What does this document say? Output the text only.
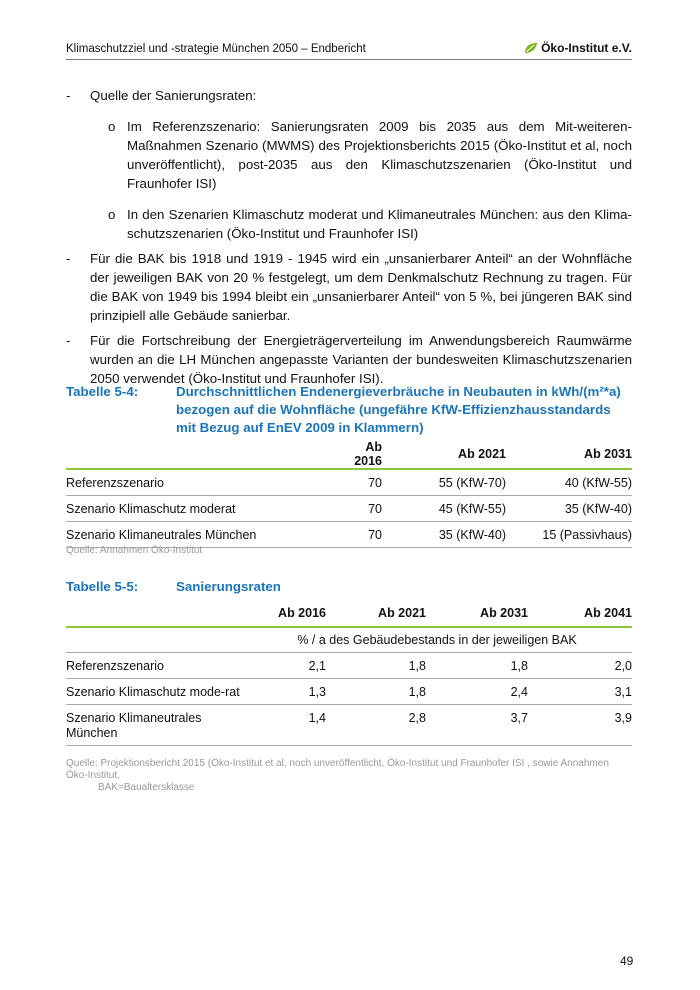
Klimaschutzziel und -strategie München 2050 – Endbericht	Öko-Institut e.V.
-	Quelle der Sanierungsraten:
o Im Referenzszenario: Sanierungsraten 2009 bis 2035 aus dem Mit-weiteren-Maßnahmen Szenario (MWMS) des Projektionsberichts 2015 (Öko-Institut et al, noch unveröffentlicht), post-2035 aus den Klimaschutzszenarien (Öko-Institut und Fraunhofer ISI)
o In den Szenarien Klimaschutz moderat und Klimaneutrales München: aus den Klima-schutzszenarien (Öko-Institut und Fraunhofer ISI)
-	Für die BAK bis 1918 und 1919 - 1945 wird ein „unsanierbarer Anteil“ an der Wohnfläche der jeweiligen BAK von 20 % festgelegt, um dem Denkmalschutz Rechnung zu tragen. Für die BAK von 1949 bis 1994 bleibt ein „unsanierbarer Anteil“ von 5 %, bei jüngeren BAK sind prinzipiell alle Gebäude sanierbar.
-	Für die Fortschreibung der Energieträgerverteilung im Anwendungsbereich Raumwärme wurden an die LH München angepasste Varianten der bundesweiten Klimaschutzszenarien 2050 verwendet (Öko-Institut und Fraunhofer ISI).
Tabelle 5-4:	Durchschnittlichen Endenergieverbräuche in Neubauten in kWh/(m²*a) bezogen auf die Wohnfläche (ungefähre KfW-Effizienzhausstandards mit Bezug auf EnEV 2009 in Klammern)
	Ab 2016	Ab 2021	Ab 2031
Referenzszenario	70	55 (KfW-70)	40 (KfW-55)
Szenario Klimaschutz moderat	70	45 (KfW-55)	35 (KfW-40)
Szenario Klimaneutrales München	70	35 (KfW-40)	15 (Passivhaus)
Quelle: Annahmen Öko-Institut
Tabelle 5-5:	Sanierungsraten
	Ab 2016	Ab 2021	Ab 2031	Ab 2041
	% / a des Gebäudebestands in der jeweiligen BAK			
Referenzszenario	2,1	1,8	1,8	2,0
Szenario Klimaschutz mode-rat	1,3	1,8	2,4	3,1
Szenario Klimaneutrales München	1,4	2,8	3,7	3,9
Quelle: Projektionsbericht 2015 (Öko-Institut et al, noch unveröffentlicht, Öko-Institut und Fraunhofer ISI , sowie Annahmen Öko-Institut,
BAK=Baualtersklasse
49
